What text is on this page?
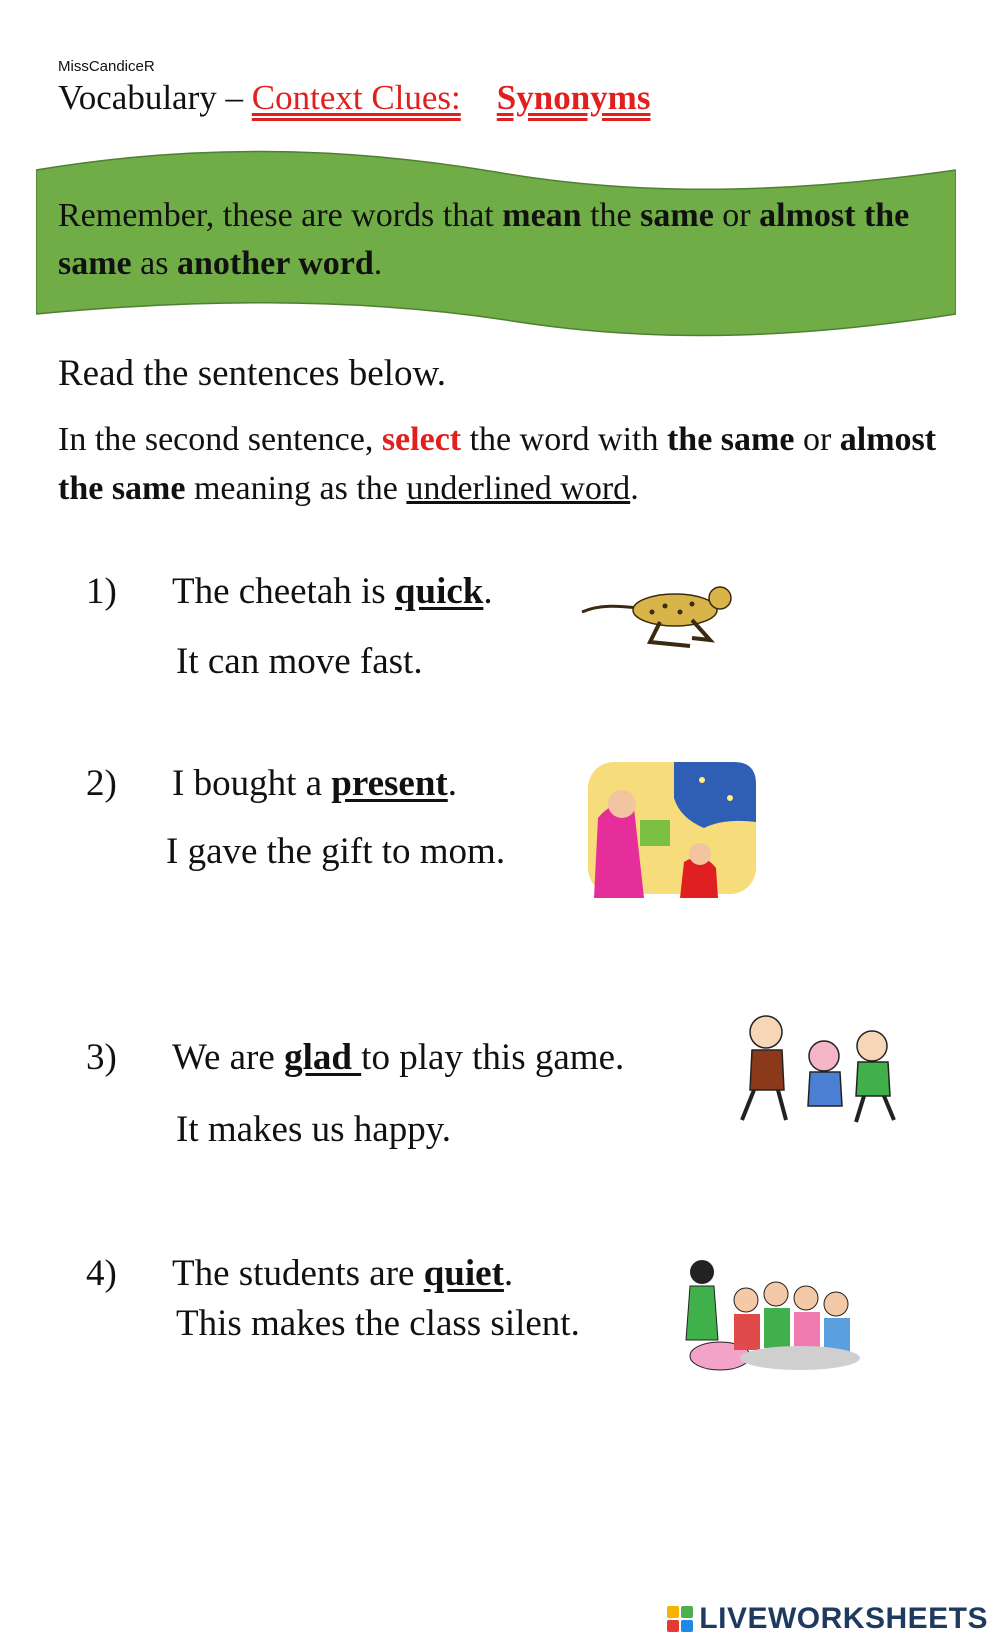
MissCandiceR
Vocabulary – Context Clues: Synonyms
Remember, these are words that mean the same or almost the same as another word.
Read the sentences below.
In the second sentence, select the word with the same or almost the same meaning as the underlined word.
1) The cheetah is quick.
It can move fast.
2) I bought a present.
I gave the gift to mom.
3) We are glad to play this game.
It makes us happy.
4) The students are quiet.
This makes the class silent.
LIVEWORKSHEETS
